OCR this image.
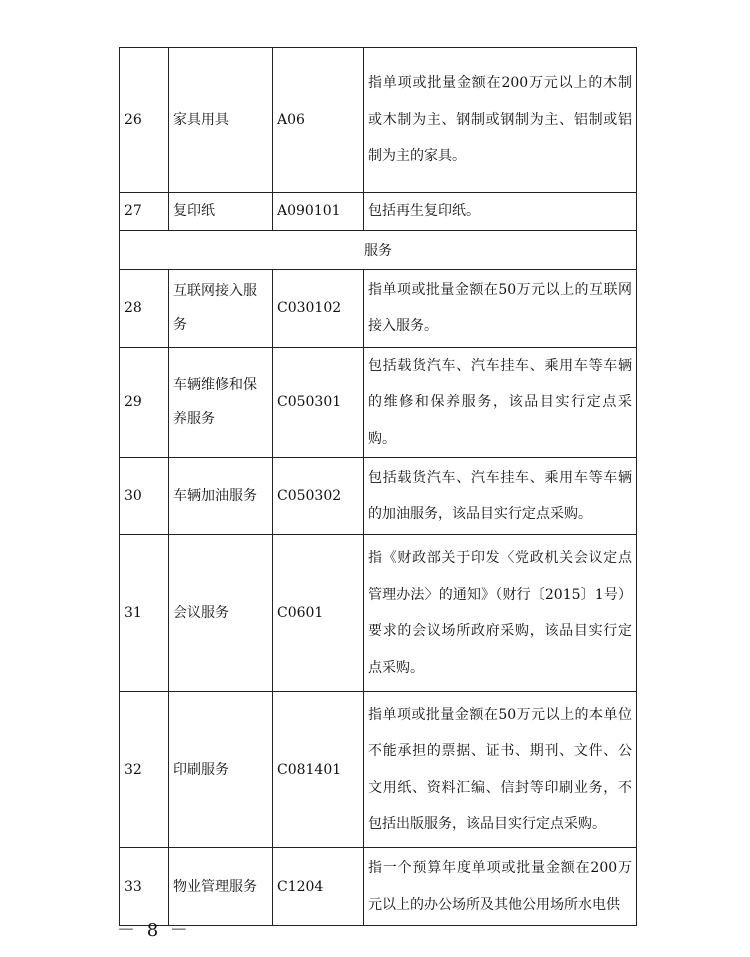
26	家具用具	A06	指单项或批量金额在200万元以上的木制或木制为主、钢制或钢制为主、铝制或铝制为主的家具。
27	复印纸	A090101	包括再生复印纸。
服务			
28	互联网接入服务	C030102	指单项或批量金额在50万元以上的互联网接入服务。
29	车辆维修和保养服务	C050301	包括载货汽车、汽车挂车、乘用车等车辆的维修和保养服务，该品目实行定点采购。
30	车辆加油服务	C050302	包括载货汽车、汽车挂车、乘用车等车辆的加油服务，该品目实行定点采购。
31	会议服务	C0601	指《财政部关于印发〈党政机关会议定点管理办法〉的通知》（财行〔2015〕1号）要求的会议场所政府采购，该品目实行定点采购。
32	印刷服务	C081401	指单项或批量金额在50万元以上的本单位不能承担的票据、证书、期刊、文件、公文用纸、资料汇编、信封等印刷业务，不包括出版服务，该品目实行定点采购。
33	物业管理服务	C1204	指一个预算年度单项或批量金额在200万元以上的办公场所及其他公用场所水电供
－ 8 －
